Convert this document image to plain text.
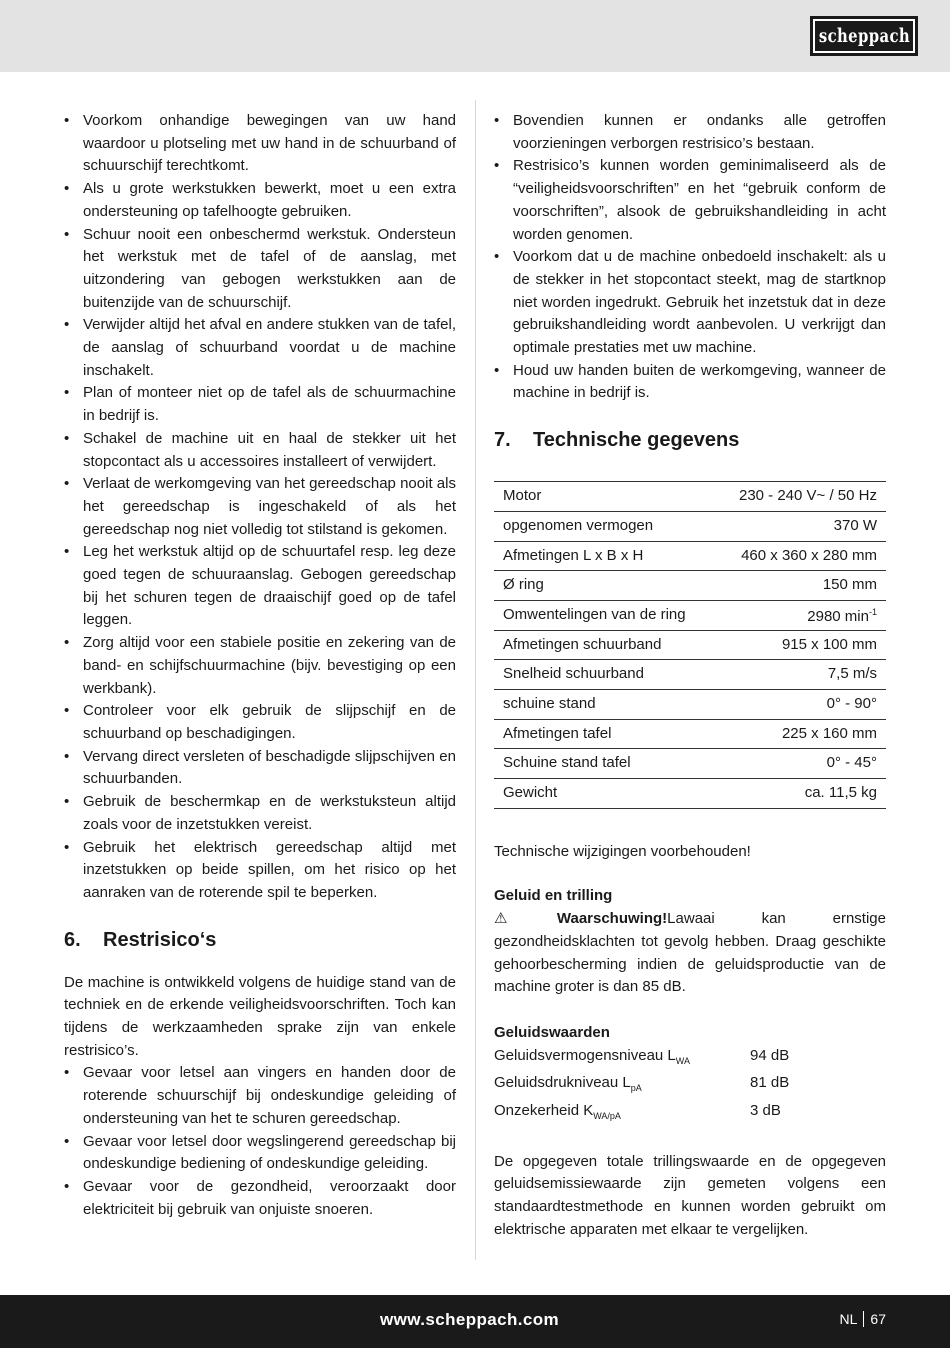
scheppach
• Voorkom onhandige bewegingen van uw hand waardoor u plotseling met uw hand in de schuurband of schuurschijf terechtkomt.
• Als u grote werkstukken bewerkt, moet u een extra ondersteuning op tafelhoogte gebruiken.
• Schuur nooit een onbeschermd werkstuk. Ondersteun het werkstuk met de tafel of de aanslag, met uitzondering van gebogen werkstukken aan de buitenzijde van de schuurschijf.
• Verwijder altijd het afval en andere stukken van de tafel, de aanslag of schuurband voordat u de machine inschakelt.
• Plan of monteer niet op de tafel als de schuurmachine in bedrijf is.
• Schakel de machine uit en haal de stekker uit het stopcontact als u accessoires installeert of verwijdert.
• Verlaat de werkomgeving van het gereedschap nooit als het gereedschap is ingeschakeld of als het gereedschap nog niet volledig tot stilstand is gekomen.
• Leg het werkstuk altijd op de schuurtafel resp. leg deze goed tegen de schuuraanslag. Gebogen gereedschap bij het schuren tegen de draaischijf goed op de tafel leggen.
• Zorg altijd voor een stabiele positie en zekering van de band- en schijfschuurmachine (bijv. bevestiging op een werkbank).
• Controleer voor elk gebruik de slijpschijf en de schuurband op beschadigingen.
• Vervang direct versleten of beschadigde slijpschijven en schuurbanden.
• Gebruik de beschermkap en de werkstuksteun altijd zoals voor de inzetstukken vereist.
• Gebruik het elektrisch gereedschap altijd met inzetstukken op beide spillen, om het risico op het aanraken van de roterende spil te beperken.
6.	Restrisico‘s

De machine is ontwikkeld volgens de huidige stand van de techniek en de erkende veiligheidsvoorschriften. Toch kan tijdens de werkzaamheden sprake zijn van enkele restrisico’s.

• Gevaar voor letsel aan vingers en handen door de roterende schuurschijf bij ondeskundige geleiding of ondersteuning van het te schuren gereedschap.
• Gevaar voor letsel door wegslingerend gereedschap bij ondeskundige bediening of ondeskundige geleiding.
• Gevaar voor de gezondheid, veroorzaakt door elektriciteit bij gebruik van onjuiste snoeren.
• Bovendien kunnen er ondanks alle getroffen voorzieningen verborgen restrisico’s bestaan.
• Restrisico’s kunnen worden geminimaliseerd als de “veiligheidsvoorschriften” en het “gebruik conform de voorschriften”, alsook de gebruikshandleiding in acht worden genomen.
• Voorkom dat u de machine onbedoeld inschakelt: als u de stekker in het stopcontact steekt, mag de startknop niet worden ingedrukt. Gebruik het inzetstuk dat in deze gebruikshandleiding wordt aanbevolen. U verkrijgt dan optimale prestaties met uw machine.
• Houd uw handen buiten de werkomgeving, wanneer de machine in bedrijf is.
7.	Technische gegevens
Motor	230 - 240 V~ / 50 Hz
opgenomen vermogen	370 W
Afmetingen L x B x H	460 x 360 x 280 mm
Ø ring	150 mm
Omwentelingen van de ring	2980 $\min^{-1}$
Afmetingen schuurband	915 x 100 mm
Snelheid schuurband	7,5 m/s
schuine stand	0° - 90°
Afmetingen tafel	225 x 160 mm
Schuine stand tafel	0° - 45°
Gewicht	ca. 11,5 kg

Technische wijzigingen voorbehouden!

Geluid en trilling

⚠	Waarschuwing!Lawaai kan ernstige gezondheidsklachten tot gevolg hebben. Draag geschikte gehoorbescherming indien de geluidsproductie van de machine groter is dan 85 dB.

Geluidswaarden

Geluidsvermogensniveau $L_{WA}$	94 dB
Geluidsdrukniveau $L_{pA}$	81 dB
Onzekerheid $K_{WA/pA}$	3 dB

De opgegeven totale trillingswaarde en de opgegeven geluidsemissiewaarde zijn gemeten volgens een standaardtestmethode en kunnen worden gebruikt om elektrische apparaten met elkaar te vergelijken.

www.scheppach.com	NL 67
